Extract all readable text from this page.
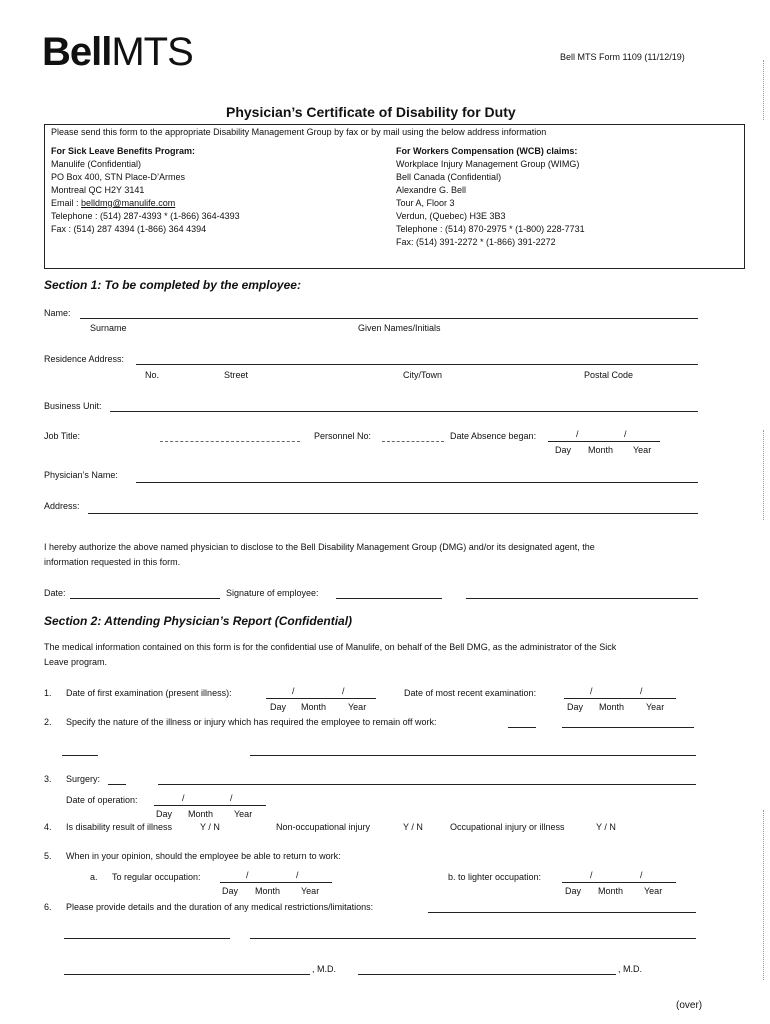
BellMTS	Bell MTS Form 1109 (11/12/19)
Physician’s Certificate of Disability for Duty
Please send this form to the appropriate Disability Management Group by fax or by mail using the below address information
For Sick Leave Benefits Program:
Manulife (Confidential)
PO Box 400, STN Place-D’Armes
Montreal QC H2Y 3141
Email : belldmg@manulife.com
Telephone : (514) 287-4393 * (1-866) 364-4393
Fax : (514) 287 4394 (1-866) 364 4394
For Workers Compensation (WCB) claims:
Workplace Injury Management Group (WIMG)
Bell Canada (Confidential)
Alexandre G. Bell
Tour A, Floor 3
Verdun, (Quebec) H3E 3B3
Telephone : (514) 870-2975 * (1-800) 228-7731
Fax: (514) 391-2272 * (1-866) 391-2272
Section 1: To be completed by the employee:
Name:
Surname	Given Names/Initials
Residence Address:
No.	Street	City/Town	Postal Code
Business Unit:
Job Title:	Personnel No:	Date Absence began:	/	/
Day Month Year
Physician’s Name:
Address:
I hereby authorize the above named physician to disclose to the Bell Disability Management Group (DMG) and/or its designated agent, the
information requested in this form.
Date:	Signature of employee:
Section 2: Attending Physician’s Report (Confidential)
The medical information contained on this form is for the confidential use of Manulife, on behalf of the Bell DMG, as the administrator of the Sick
Leave program.
1. Date of first examination (present illness):	/	/
Day Month Year
Date of most recent examination:	/	/
Day Month Year
2. Specify the nature of the illness or injury which has required the employee to remain off work:
3. Surgery:
Date of operation:	/	/
Day Month Year
4. Is disability result of illness	Y / N	Non-occupational injury	Y / N	Occupational injury or illness	Y / N
5. When in your opinion, should the employee be able to return to work:
a. To regular occupation:	/	/
Day Month Year
b. to lighter occupation:	/	/
Day Month Year
6. Please provide details and the duration of any medical restrictions/limitations:
, M.D.	, M.D.
(over)
